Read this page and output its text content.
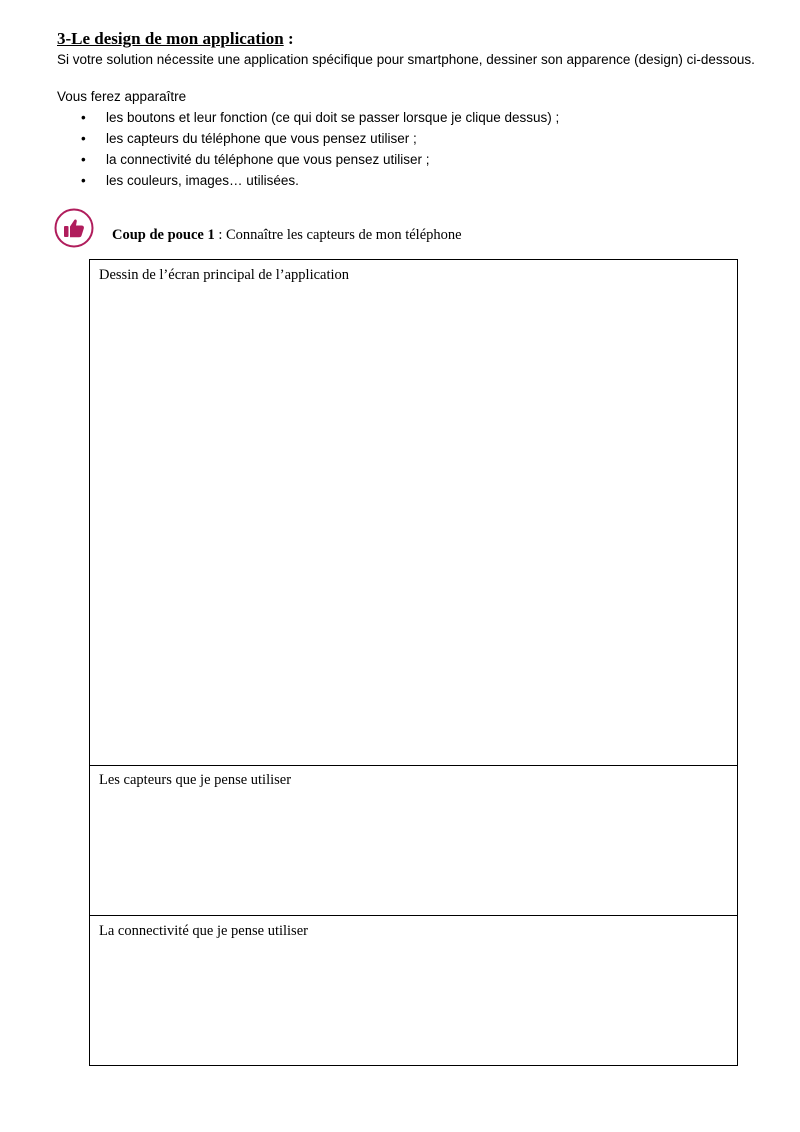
3-Le design de mon application :
Si votre solution nécessite une application spécifique pour smartphone, dessiner son apparence (design) ci-dessous.
Vous ferez apparaître
• les boutons et leur fonction (ce qui doit se passer lorsque je clique dessus) ;
• les capteurs du téléphone que vous pensez utiliser ;
• la connectivité du téléphone que vous pensez utiliser ;
• les couleurs, images… utilisées.
Coup de pouce 1 : Connaître les capteurs de mon téléphone
Dessin de l’écran principal de l’application
Les capteurs que je pense utiliser
La connectivité que je pense utiliser
